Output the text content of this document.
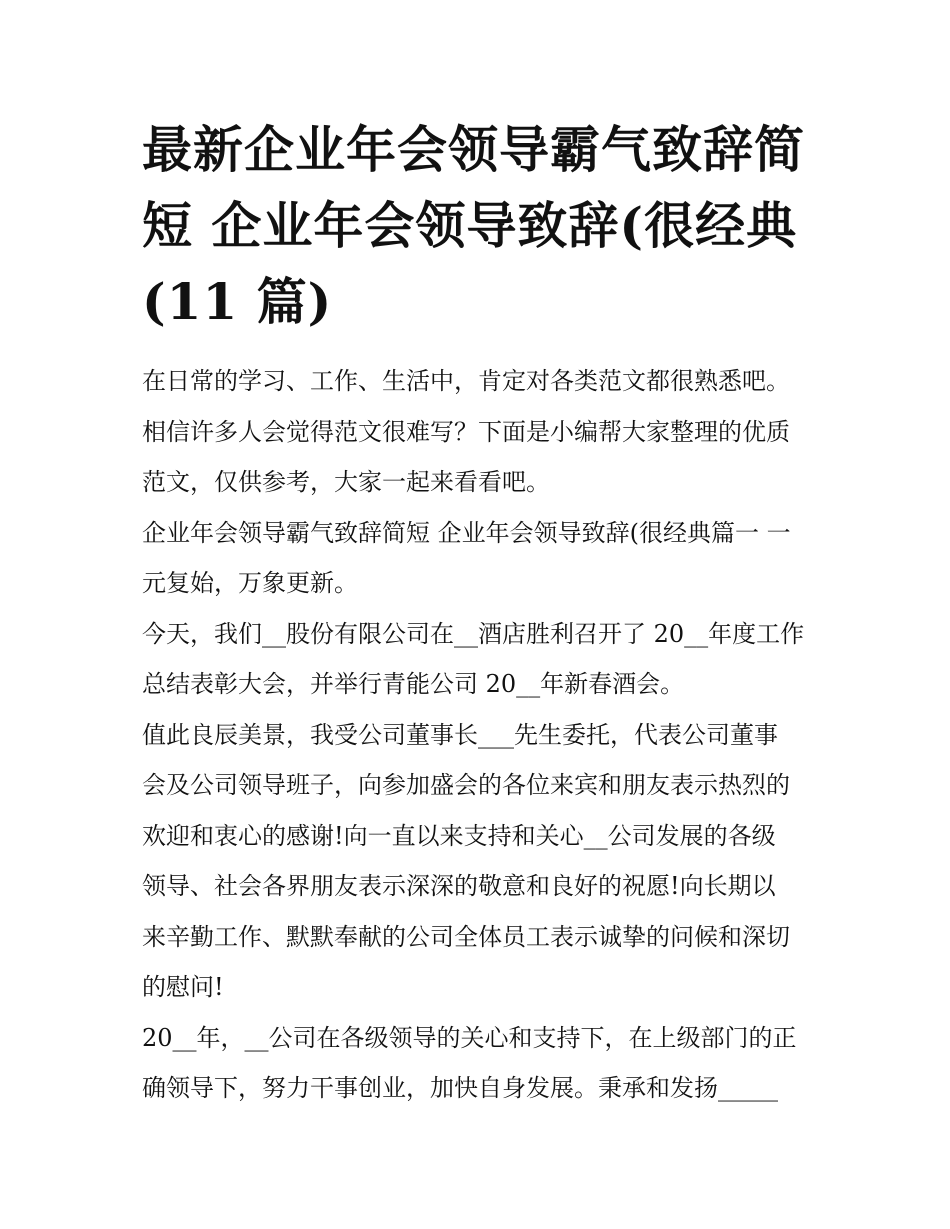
最新企业年会领导霸气致辞简
短 企业年会领导致辞(很经典
(11 篇)

在日常的学习、工作、生活中，肯定对各类范文都很熟悉吧。
相信许多人会觉得范文很难写？下面是小编帮大家整理的优质
范文，仅供参考，大家一起来看看吧。

企业年会领导霸气致辞简短 企业年会领导致辞(很经典篇一 一
元复始，万象更新。

今天，我们__股份有限公司在__酒店胜利召开了 20__年度工作
总结表彰大会，并举行青能公司 20__年新春酒会。

值此良辰美景，我受公司董事长___先生委托，代表公司董事
会及公司领导班子，向参加盛会的各位来宾和朋友表示热烈的
欢迎和衷心的感谢!向一直以来支持和关心__公司发展的各级
领导、社会各界朋友表示深深的敬意和良好的祝愿!向长期以
来辛勤工作、默默奉献的公司全体员工表示诚挚的问候和深切
的慰问!

20__年，__公司在各级领导的关心和支持下，在上级部门的正
确领导下，努力干事创业，加快自身发展。秉承和发扬_____
